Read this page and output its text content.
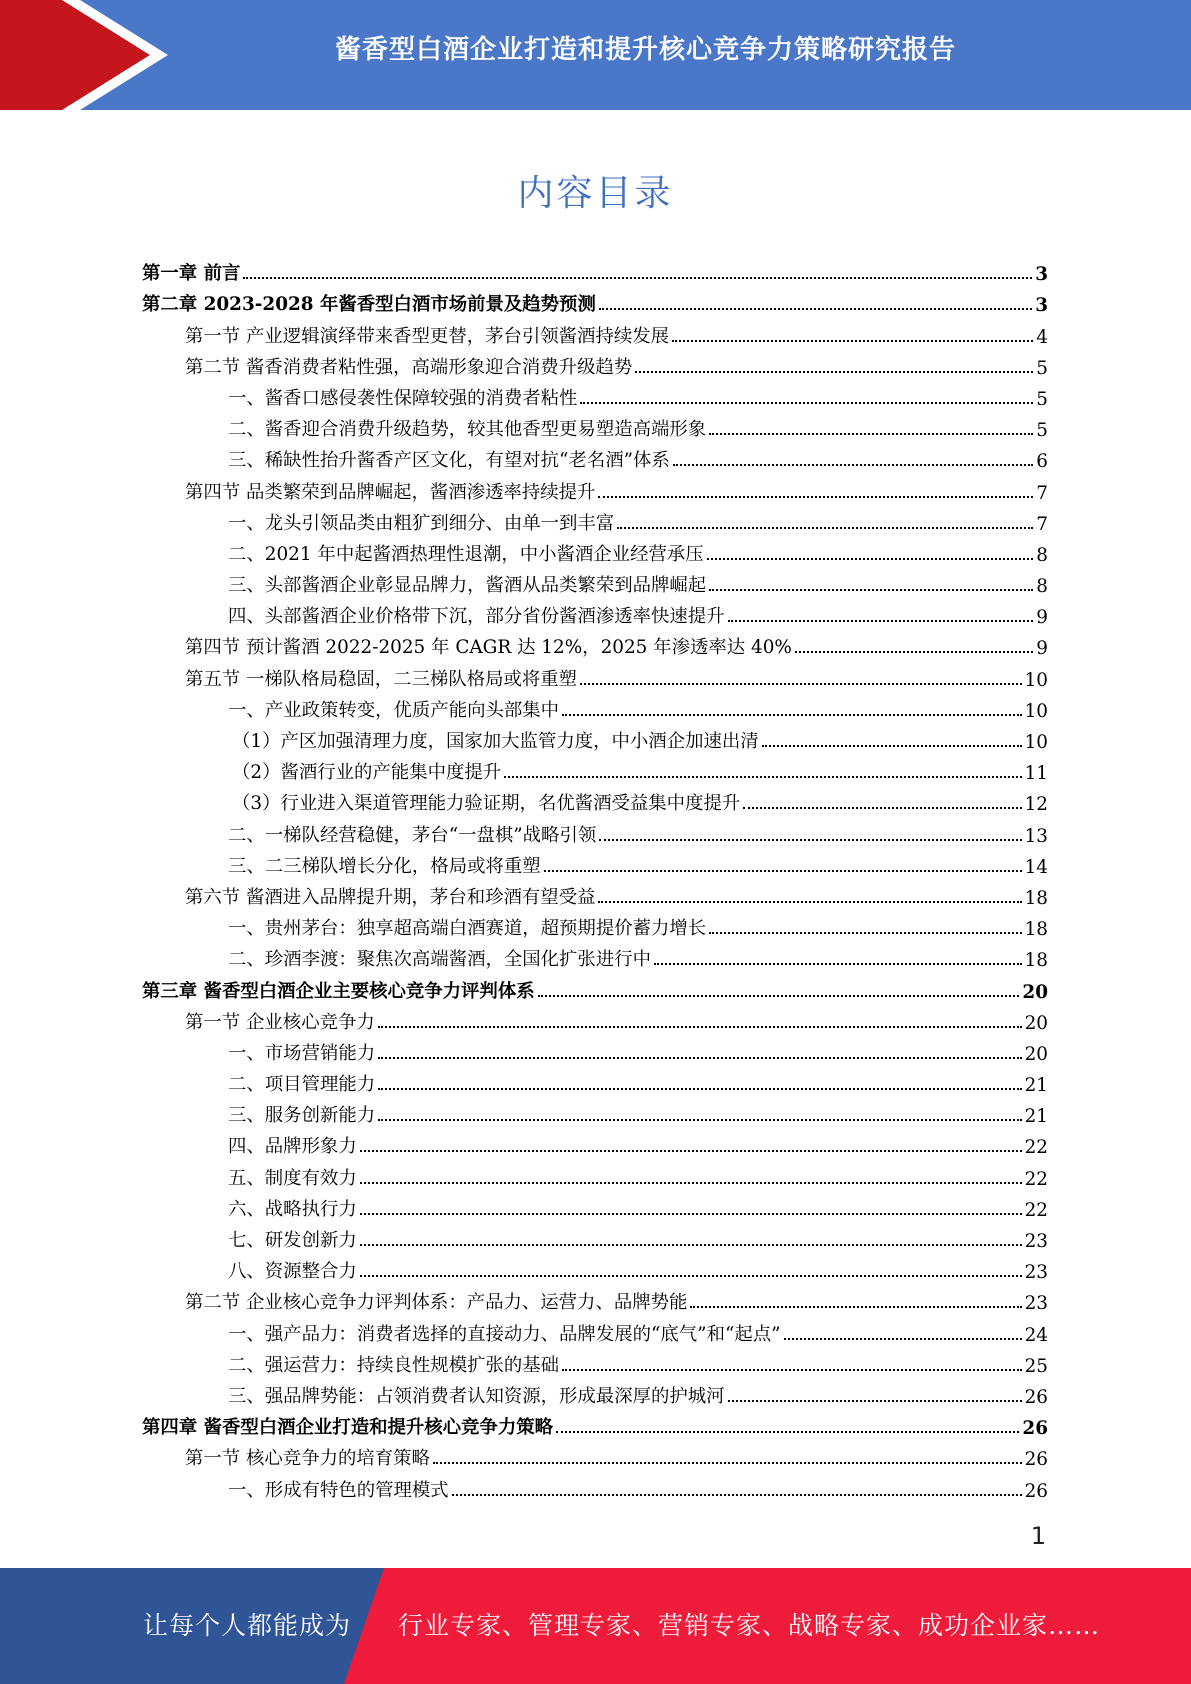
酱香型白酒企业打造和提升核心竞争力策略研究报告
内容目录
第一章 前言	3
第二章 2023-2028 年酱香型白酒市场前景及趋势预测	3
第一节 产业逻辑演绎带来香型更替，茅台引领酱酒持续发展	4
第二节 酱香消费者粘性强，高端形象迎合消费升级趋势	5
一、酱香口感侵袭性保障较强的消费者粘性	5
二、酱香迎合消费升级趋势，较其他香型更易塑造高端形象	5
三、稀缺性抬升酱香产区文化，有望对抗“老名酒”体系	6
第四节 品类繁荣到品牌崛起，酱酒渗透率持续提升	7
一、龙头引领品类由粗犷到细分、由单一到丰富	7
二、2021 年中起酱酒热理性退潮，中小酱酒企业经营承压	8
三、头部酱酒企业彰显品牌力，酱酒从品类繁荣到品牌崛起	8
四、头部酱酒企业价格带下沉，部分省份酱酒渗透率快速提升	9
第四节 预计酱酒 2022-2025 年 CAGR 达 12%，2025 年渗透率达 40%	9
第五节 一梯队格局稳固，二三梯队格局或将重塑	10
一、产业政策转变，优质产能向头部集中	10
（1）产区加强清理力度，国家加大监管力度，中小酒企加速出清	10
（2）酱酒行业的产能集中度提升	11
（3）行业进入渠道管理能力验证期，名优酱酒受益集中度提升	12
二、一梯队经营稳健，茅台“一盘棋”战略引领	13
三、二三梯队增长分化，格局或将重塑	14
第六节 酱酒进入品牌提升期，茅台和珍酒有望受益	18
一、贵州茅台：独享超高端白酒赛道，超预期提价蓄力增长	18
二、珍酒李渡：聚焦次高端酱酒，全国化扩张进行中	18
第三章 酱香型白酒企业主要核心竞争力评判体系	20
第一节 企业核心竞争力	20
一、市场营销能力	20
二、项目管理能力	21
三、服务创新能力	21
四、品牌形象力	22
五、制度有效力	22
六、战略执行力	22
七、研发创新力	23
八、资源整合力	23
第二节 企业核心竞争力评判体系：产品力、运营力、品牌势能	23
一、强产品力：消费者选择的直接动力、品牌发展的“底气”和“起点”	24
二、强运营力：持续良性规模扩张的基础	25
三、强品牌势能：占领消费者认知资源，形成最深厚的护城河	26
第四章 酱香型白酒企业打造和提升核心竞争力策略	26
第一节 核心竞争力的培育策略	26
一、形成有特色的管理模式	26
1
让每个人都能成为 行业专家、管理专家、营销专家、战略专家、成功企业家……
